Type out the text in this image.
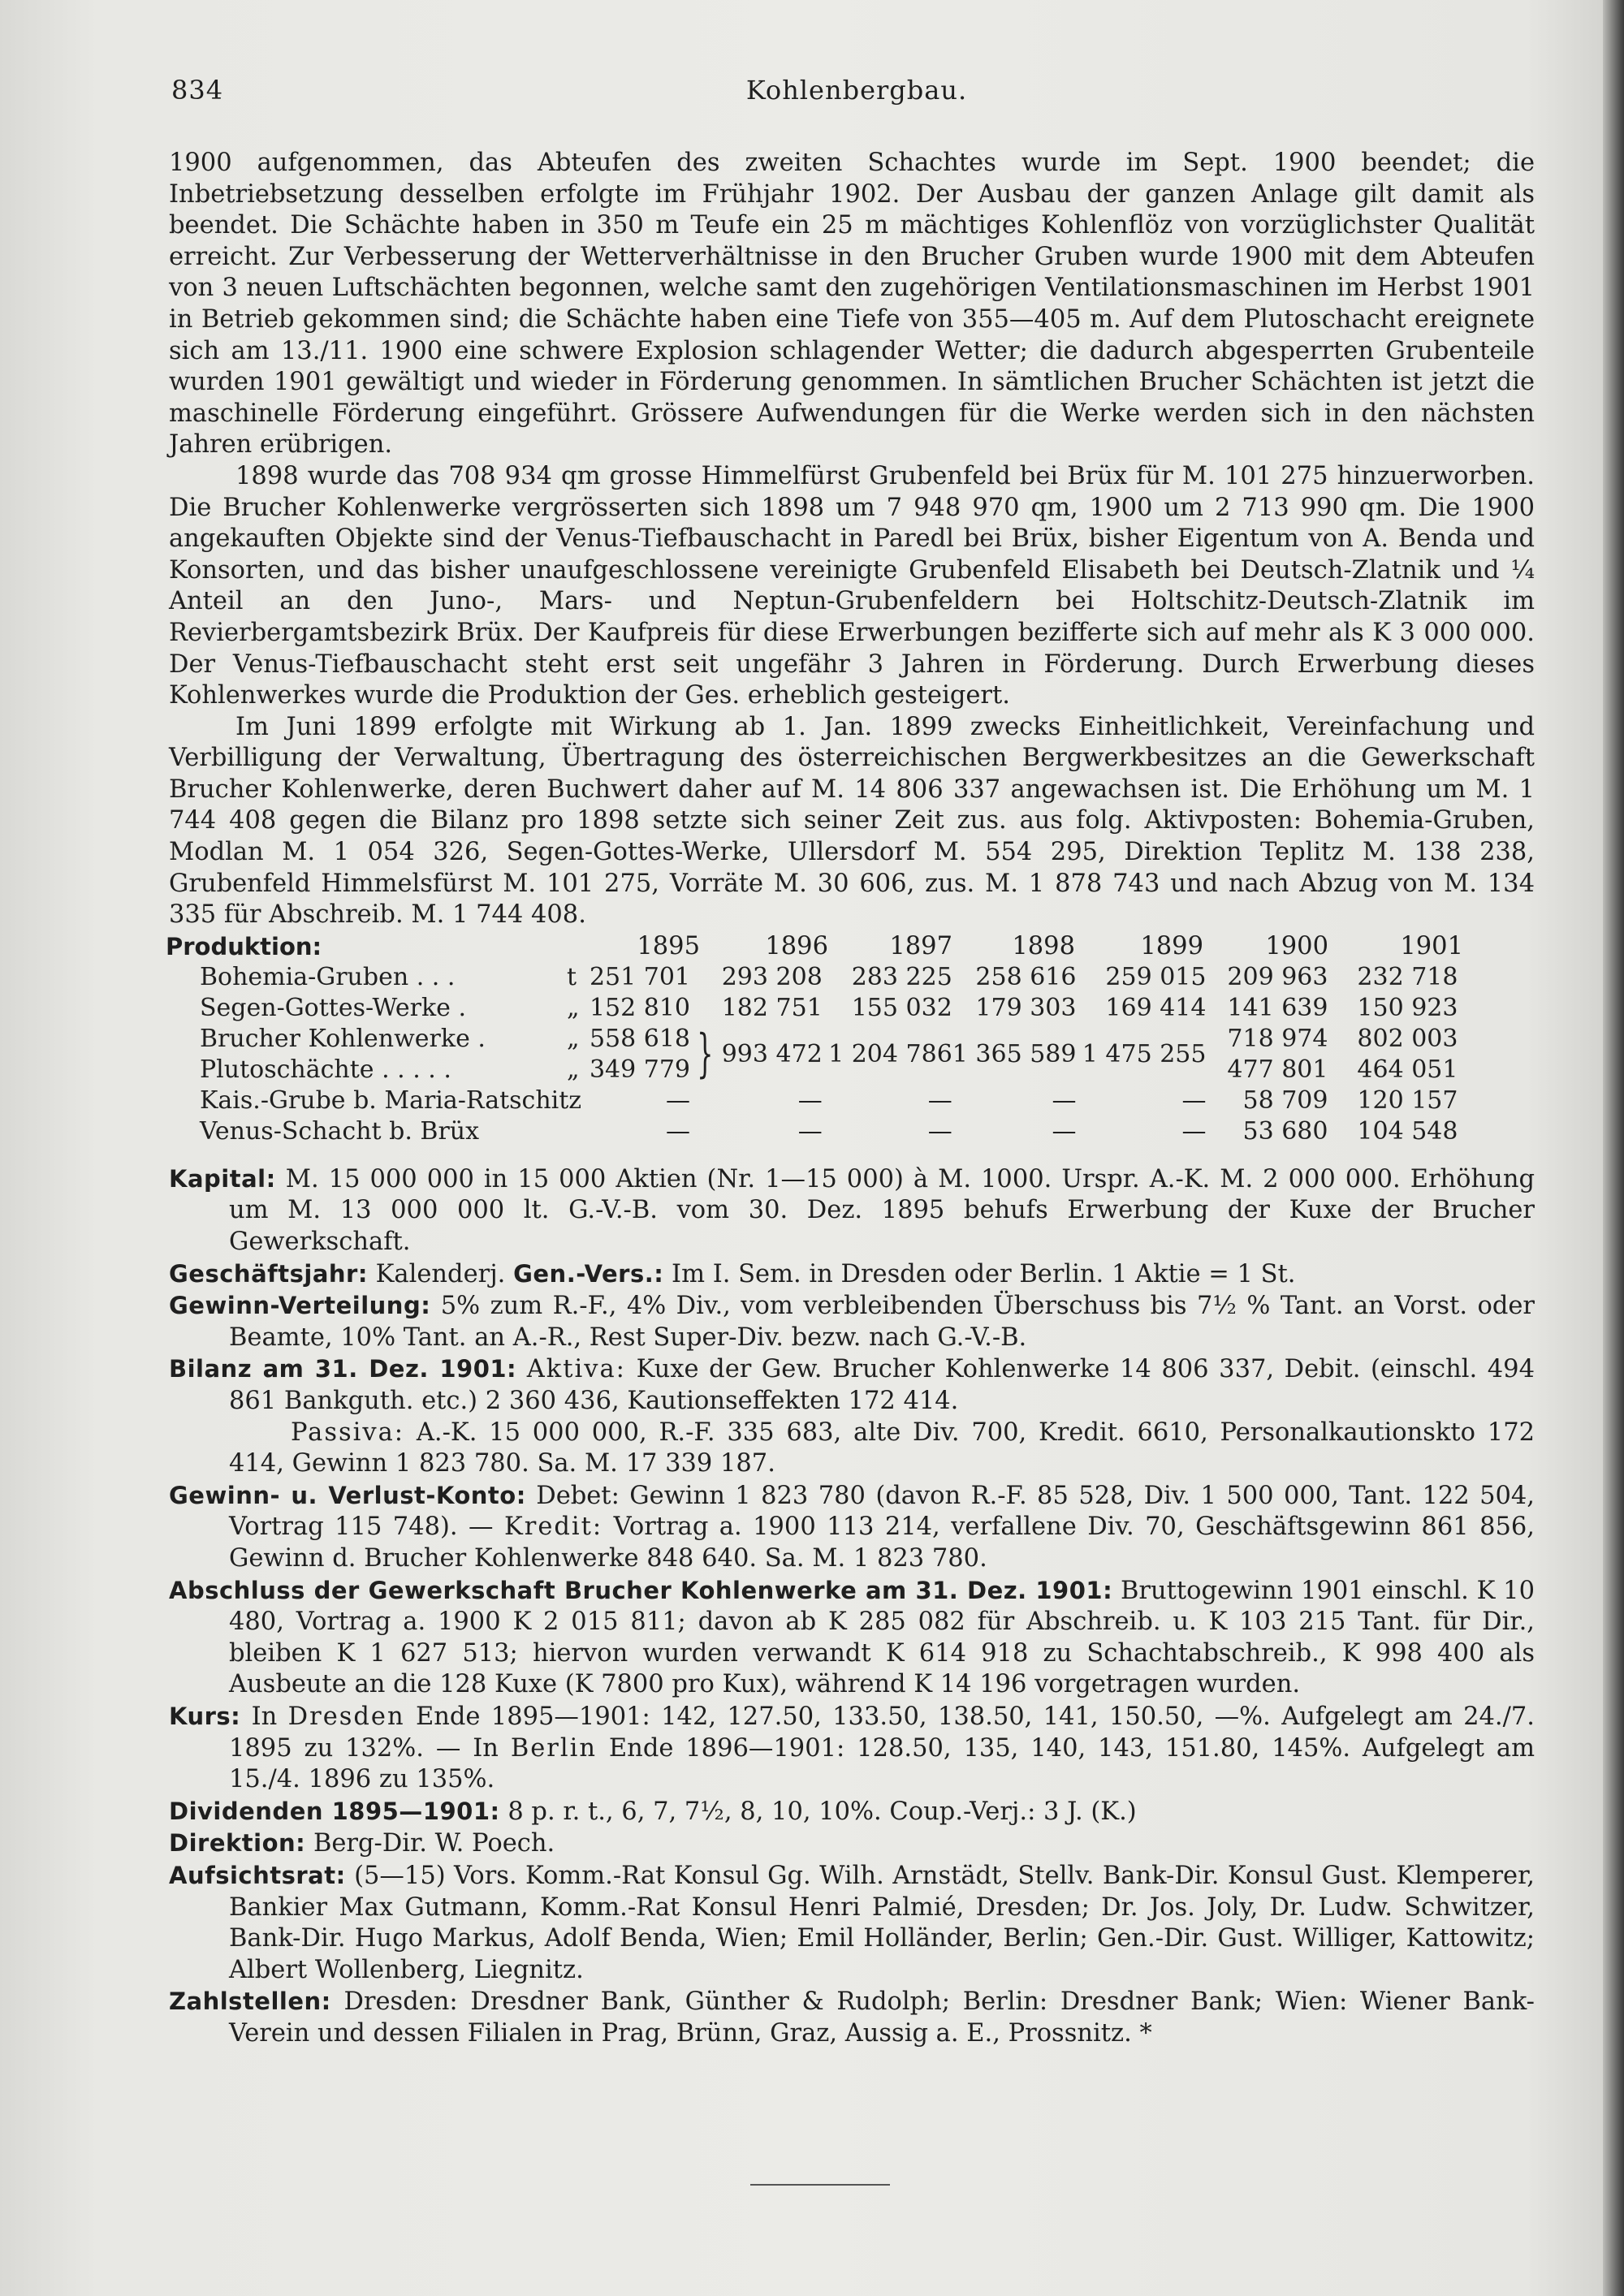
Kohlenbergbau.
834

1900 aufgenommen, das Abteufen des zweiten Schachtes wurde im Sept. 1900 beendet; die Inbetriebsetzung desselben erfolgte im Frühjahr 1902. Der Ausbau der ganzen Anlage gilt damit als beendet. Die Schächte haben in 350 m Teufe ein 25 m mächtiges Kohlenflöz von vorzüglichster Qualität erreicht. Zur Verbesserung der Wetterverhältnisse in den Brucher Gruben wurde 1900 mit dem Abteufen von 3 neuen Luftschächten begonnen, welche samt den zugehörigen Ventilationsmaschinen im Herbst 1901 in Betrieb gekommen sind; die Schächte haben eine Tiefe von 355—405 m. Auf dem Plutoschacht ereignete sich am 13./11. 1900 eine schwere Explosion schlagender Wetter; die dadurch abgesperrten Grubenteile wurden 1901 gewältigt und wieder in Förderung genommen. In sämtlichen Brucher Schächten ist jetzt die maschinelle Förderung eingeführt. Grössere Aufwendungen für die Werke werden sich in den nächsten Jahren erübrigen.

1898 wurde das 708 934 qm grosse Himmelfürst Grubenfeld bei Brüx für M. 101 275 hinzuerworben. Die Brucher Kohlenwerke vergrösserten sich 1898 um 7 948 970 qm, 1900 um 2 713 990 qm. Die 1900 angekauften Objekte sind der Venus-Tiefbauschacht in Paredl bei Brüx, bisher Eigentum von A. Benda und Konsorten, und das bisher unaufgeschlossene vereinigte Grubenfeld Elisabeth bei Deutsch-Zlatnik und ¼ Anteil an den Juno-, Mars- und Neptun-Grubenfeldern bei Holtschitz-Deutsch-Zlatnik im Revierbergamtsbezirk Brüx. Der Kaufpreis für diese Erwerbungen bezifferte sich auf mehr als K 3 000 000. Der Venus-Tiefbauschacht steht erst seit ungefähr 3 Jahren in Förderung. Durch Erwerbung dieses Kohlenwerkes wurde die Produktion der Ges. erheblich gesteigert.

Im Juni 1899 erfolgte mit Wirkung ab 1. Jan. 1899 zwecks Einheitlichkeit, Vereinfachung und Verbilligung der Verwaltung, Übertragung des österreichischen Bergwerkbesitzes an die Gewerkschaft Brucher Kohlenwerke, deren Buchwert daher auf M. 14 806 337 angewachsen ist. Die Erhöhung um M. 1 744 408 gegen die Bilanz pro 1898 setzte sich seiner Zeit zus. aus folg. Aktivposten: Bohemia-Gruben, Modlan M. 1 054 326, Segen-Gottes-Werke, Ullersdorf M. 554 295, Direktion Teplitz M. 138 238, Grubenfeld Himmelsfürst M. 101 275, Vorräte M. 30 606, zus. M. 1 878 743 und nach Abzug von M. 134 335 für Abschreib. M. 1 744 408.

Produktion:	1895	1896	1897	1898	1899	1900	1901
Bohemia-Gruben . . .	t	251 701		293 208	283 225	258 616	259 015	209 963	232 718
Segen-Gottes-Werke .	„	152 810		182 751	155 032	179 303	169 414	141 639	150 923
Brucher Kohlenwerke .	„	558 618	}	993 472	1 204 786	1 365 589	1 475 255	718 974	802 003
Plutoschächte . . . . .	„	349 779						477 801	464 051
Kais.-Grube b. Maria-Ratschitz		—		—	—	—	—	58 709	120 157
Venus-Schacht b. Brüx		—		—	—	—	—	53 680	104 548

Kapital: M. 15 000 000 in 15 000 Aktien (Nr. 1—15 000) à M. 1000. Urspr. A.-K. M. 2 000 000. Erhöhung um M. 13 000 000 lt. G.-V.-B. vom 30. Dez. 1895 behufs Erwerbung der Kuxe der Brucher Gewerkschaft.

Geschäftsjahr: Kalenderj. Gen.-Vers.: Im I. Sem. in Dresden oder Berlin. 1 Aktie = 1 St.

Gewinn-Verteilung: 5% zum R.-F., 4% Div., vom verbleibenden Überschuss bis 7½ % Tant. an Vorst. oder Beamte, 10% Tant. an A.-R., Rest Super-Div. bezw. nach G.-V.-B.

Bilanz am 31. Dez. 1901: Aktiva: Kuxe der Gew. Brucher Kohlenwerke 14 806 337, Debit. (einschl. 494 861 Bankguth. etc.) 2 360 436, Kautionseffekten 172 414.

Passiva: A.-K. 15 000 000, R.-F. 335 683, alte Div. 700, Kredit. 6610, Personalkautionskto 172 414, Gewinn 1 823 780. Sa. M. 17 339 187.

Gewinn- u. Verlust-Konto: Debet: Gewinn 1 823 780 (davon R.-F. 85 528, Div. 1 500 000, Tant. 122 504, Vortrag 115 748). — Kredit: Vortrag a. 1900 113 214, verfallene Div. 70, Geschäftsgewinn 861 856, Gewinn d. Brucher Kohlenwerke 848 640. Sa. M. 1 823 780.

Abschluss der Gewerkschaft Brucher Kohlenwerke am 31. Dez. 1901: Bruttogewinn 1901 einschl. K 10 480, Vortrag a. 1900 K 2 015 811; davon ab K 285 082 für Abschreib. u. K 103 215 Tant. für Dir., bleiben K 1 627 513; hiervon wurden verwandt K 614 918 zu Schachtabschreib., K 998 400 als Ausbeute an die 128 Kuxe (K 7800 pro Kux), während K 14 196 vorgetragen wurden.

Kurs: In Dresden Ende 1895—1901: 142, 127.50, 133.50, 138.50, 141, 150.50, —%. Aufgelegt am 24./7. 1895 zu 132%. — In Berlin Ende 1896—1901: 128.50, 135, 140, 143, 151.80, 145%. Aufgelegt am 15./4. 1896 zu 135%.

Dividenden 1895—1901: 8 p. r. t., 6, 7, 7½, 8, 10, 10%. Coup.-Verj.: 3 J. (K.)

Direktion: Berg-Dir. W. Poech.

Aufsichtsrat: (5—15) Vors. Komm.-Rat Konsul Gg. Wilh. Arnstädt, Stellv. Bank-Dir. Konsul Gust. Klemperer, Bankier Max Gutmann, Komm.-Rat Konsul Henri Palmié, Dresden; Dr. Jos. Joly, Dr. Ludw. Schwitzer, Bank-Dir. Hugo Markus, Adolf Benda, Wien; Emil Holländer, Berlin; Gen.-Dir. Gust. Williger, Kattowitz; Albert Wollenberg, Liegnitz.

Zahlstellen: Dresden: Dresdner Bank, Günther & Rudolph; Berlin: Dresdner Bank; Wien: Wiener Bank-Verein und dessen Filialen in Prag, Brünn, Graz, Aussig a. E., Prossnitz. *
